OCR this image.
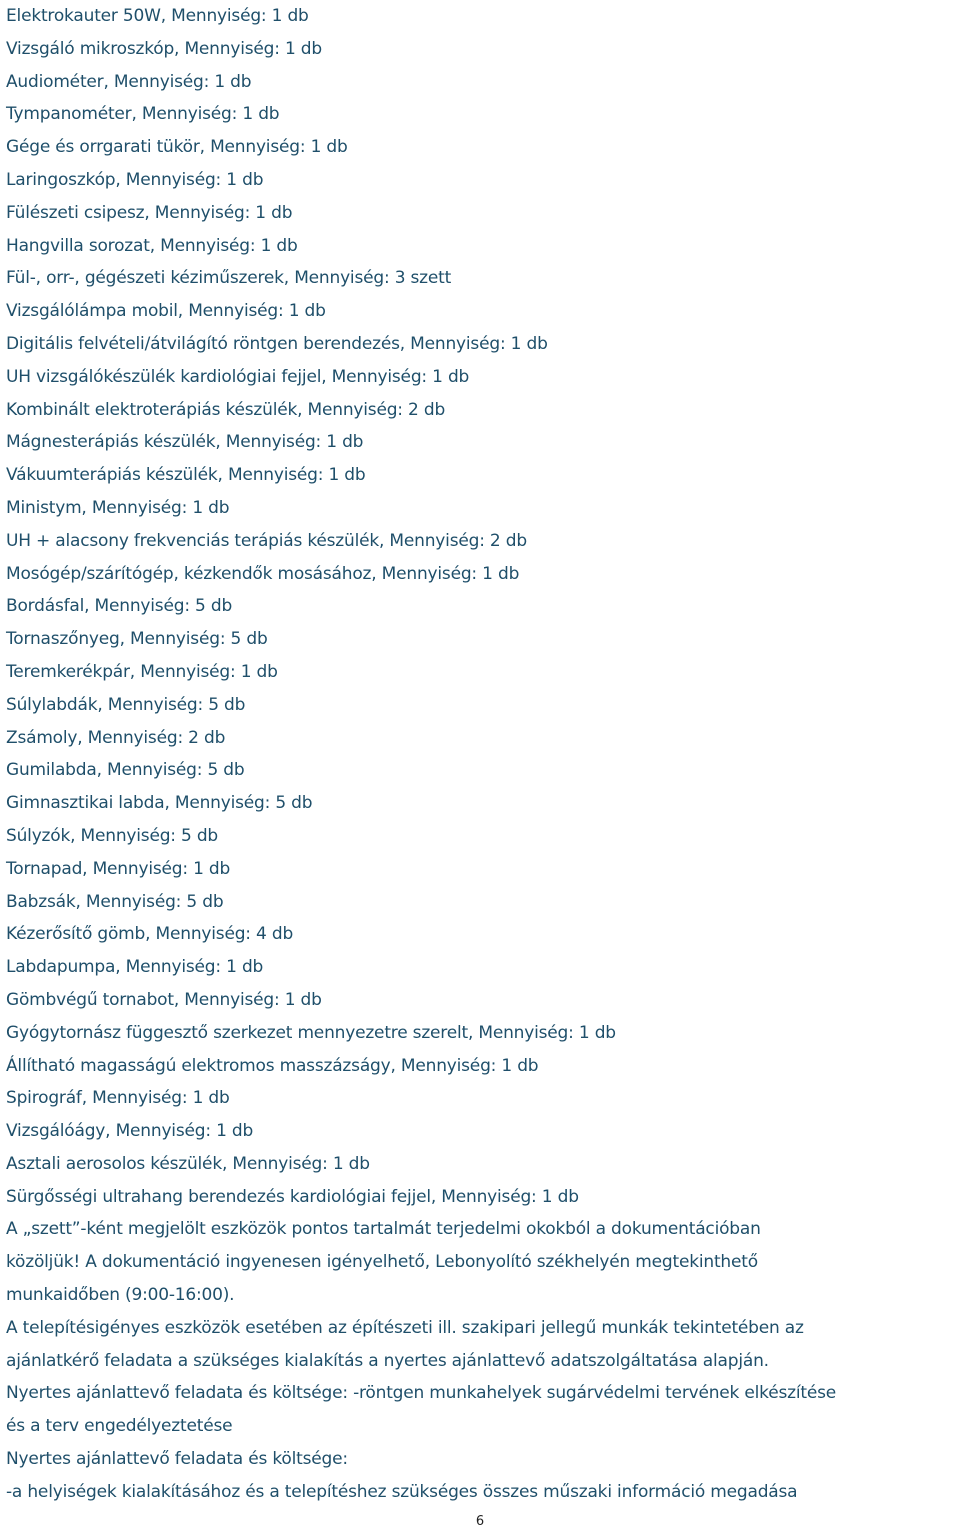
Elektrokauter 50W, Mennyiség: 1 db
Vizsgáló mikroszkóp, Mennyiség: 1 db
Audiométer, Mennyiség: 1 db
Tympanométer, Mennyiség: 1 db
Gége és orrgarati tükör, Mennyiség: 1 db
Laringoszkóp, Mennyiség: 1 db
Fülészeti csipesz, Mennyiség: 1 db
Hangvilla sorozat, Mennyiség: 1 db
Fül-, orr-, gégészeti kéziműszerek, Mennyiség: 3 szett
Vizsgálólámpa mobil, Mennyiség: 1 db
Digitális felvételi/átvilágító röntgen berendezés, Mennyiség: 1 db
UH vizsgálókészülék kardiológiai fejjel, Mennyiség: 1 db
Kombinált elektroterápiás készülék, Mennyiség: 2 db
Mágnesterápiás készülék, Mennyiség: 1 db
Vákuumterápiás készülék, Mennyiség: 1 db
Ministym, Mennyiség: 1 db
UH + alacsony frekvenciás terápiás készülék, Mennyiség: 2 db
Mosógép/szárítógép, kézkendők mosásához, Mennyiség: 1 db
Bordásfal, Mennyiség: 5 db
Tornaszőnyeg, Mennyiség: 5 db
Teremkerékpár, Mennyiség: 1 db
Súlylabdák, Mennyiség: 5 db
Zsámoly, Mennyiség: 2 db
Gumilabda, Mennyiség: 5 db
Gimnasztikai labda, Mennyiség: 5 db
Súlyzók, Mennyiség: 5 db
Tornapad, Mennyiség: 1 db
Babzsák, Mennyiség: 5 db
Kézerősítő gömb, Mennyiség: 4 db
Labdapumpa, Mennyiség: 1 db
Gömbvégű tornabot, Mennyiség: 1 db
Gyógytornász függesztő szerkezet mennyezetre szerelt, Mennyiség: 1 db
Állítható magasságú elektromos masszázságy, Mennyiség: 1 db
Spirográf, Mennyiség: 1 db
Vizsgálóágy, Mennyiség: 1 db
Asztali aerosolos készülék, Mennyiség: 1 db
Sürgősségi ultrahang berendezés kardiológiai fejjel, Mennyiség: 1 db
A „szett”-ként megjelölt eszközök pontos tartalmát terjedelmi okokból a dokumentációban
közöljük! A dokumentáció ingyenesen igényelhető, Lebonyolító székhelyén megtekinthető
munkaidőben (9:00-16:00).
A telepítésigényes eszközök esetében az építészeti ill. szakipari jellegű munkák tekintetében az
ajánlatkérő feladata a szükséges kialakítás a nyertes ajánlattevő adatszolgáltatása alapján.
Nyertes ajánlattevő feladata és költsége: -röntgen munkahelyek sugárvédelmi tervének elkészítése
és a terv engedélyeztetése
Nyertes ajánlattevő feladata és költsége:
-a helyiségek kialakításához és a telepítéshez szükséges összes műszaki információ megadása
6
